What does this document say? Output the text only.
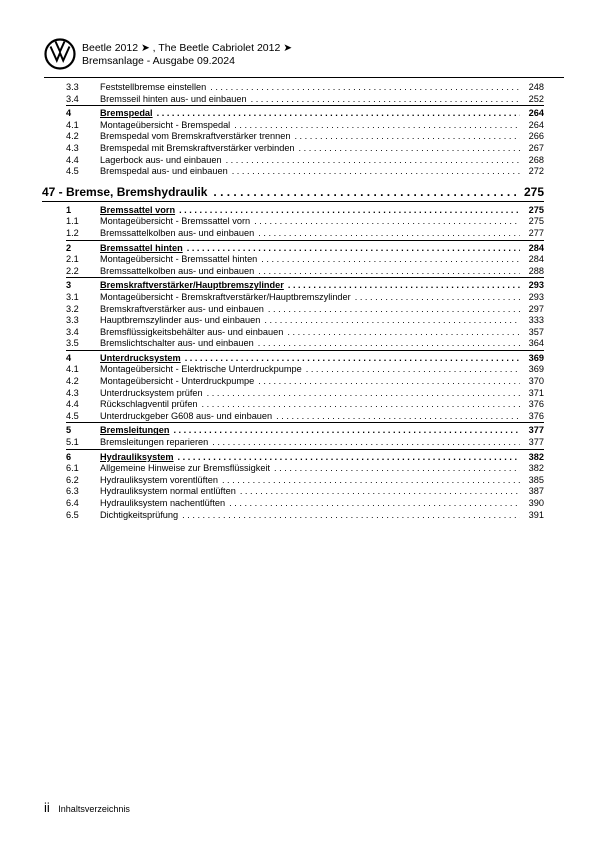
Beetle 2012 ➤ , The Beetle Cabriolet 2012 ➤
Bremsanlage - Ausgabe 09.2024
3.3	Feststellbremse einstellen . . .	248
3.4	Bremsseil hinten aus- und einbauen . . .	252
4	Bremspedal . . .	264
4.1	Montageübersicht - Bremspedal . . .	264
4.2	Bremspedal vom Bremskraftverstärker trennen . . .	266
4.3	Bremspedal mit Bremskraftverstärker verbinden . . .	267
4.4	Lagerbock aus- und einbauen . . .	268
4.5	Bremspedal aus- und einbauen . . .	272
47 - Bremse, Bremshydraulik . . .	275
1	Bremssattel vorn . . .	275
1.1	Montageübersicht - Bremssattel vorn . . .	275
1.2	Bremssattelkolben aus- und einbauen . . .	277
2	Bremssattel hinten . . .	284
2.1	Montageübersicht - Bremssattel hinten . . .	284
2.2	Bremssattelkolben aus- und einbauen . . .	288
3	Bremskraftverstärker/Hauptbremszylinder . . .	293
3.1	Montageübersicht - Bremskraftverstärker/Hauptbremszylinder . . .	293
3.2	Bremskraftverstärker aus- und einbauen . . .	297
3.3	Hauptbremszylinder aus- und einbauen . . .	333
3.4	Bremsflüssigkeitsbehälter aus- und einbauen . . .	357
3.5	Bremslichtschalter aus- und einbauen . . .	364
4	Unterdrucksystem . . .	369
4.1	Montageübersicht - Elektrische Unterdruckpumpe . . .	369
4.2	Montageübersicht - Unterdruckpumpe . . .	370
4.3	Unterdrucksystem prüfen . . .	371
4.4	Rückschlagventil prüfen . . .	376
4.5	Unterdruckgeber G608 aus- und einbauen . . .	376
5	Bremsleitungen . . .	377
5.1	Bremsleitungen reparieren . . .	377
6	Hydrauliksystem . . .	382
6.1	Allgemeine Hinweise zur Bremsflüssigkeit . . .	382
6.2	Hydrauliksystem vorentlüften . . .	385
6.3	Hydrauliksystem normal entlüften . . .	387
6.4	Hydrauliksystem nachentlüften . . .	390
6.5	Dichtigkeitsprüfung . . .	391
ii Inhaltsverzeichnis
